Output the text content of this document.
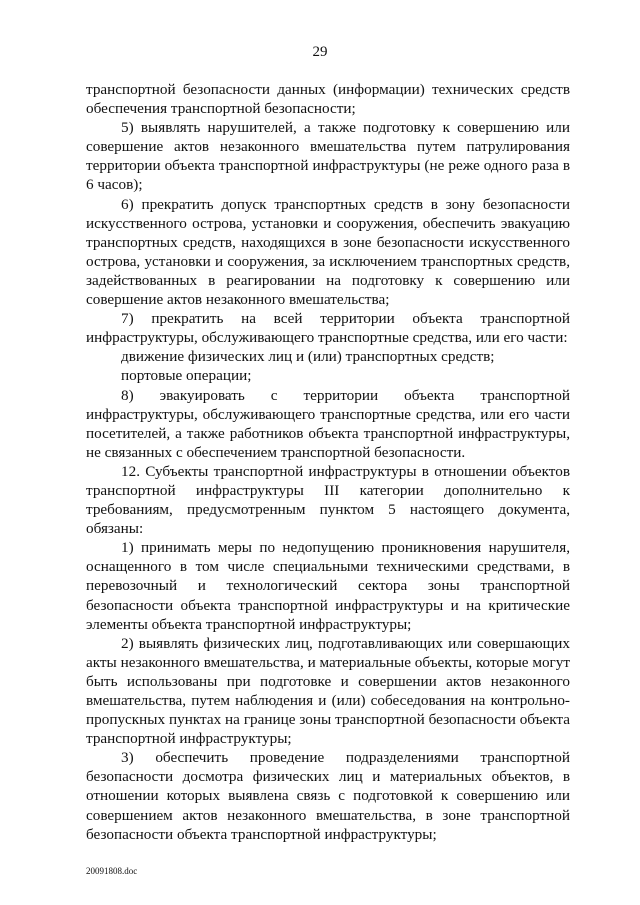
29

транспортной безопасности данных (информации) технических средств обеспечения транспортной безопасности;

5) выявлять нарушителей, а также подготовку к совершению или совершение актов незаконного вмешательства путем патрулирования территории объекта транспортной инфраструктуры (не реже одного раза в 6 часов);

6) прекратить допуск транспортных средств в зону безопасности искусственного острова, установки и сооружения, обеспечить эвакуацию транспортных средств, находящихся в зоне безопасности искусственного острова, установки и сооружения, за исключением транспортных средств, задействованных в реагировании на подготовку к совершению или совершение актов незаконного вмешательства;

7) прекратить на всей территории объекта транспортной инфраструктуры, обслуживающего транспортные средства, или его части:

движение физических лиц и (или) транспортных средств;

портовые операции;

8) эвакуировать с территории объекта транспортной инфраструктуры, обслуживающего транспортные средства, или его части посетителей, а также работников объекта транспортной инфраструктуры, не связанных с обеспечением транспортной безопасности.

12. Субъекты транспортной инфраструктуры в отношении объектов транспортной инфраструктуры III категории дополнительно к требованиям, предусмотренным пунктом 5 настоящего документа, обязаны:

1) принимать меры по недопущению проникновения нарушителя, оснащенного в том числе специальными техническими средствами, в перевозочный и технологический сектора зоны транспортной безопасности объекта транспортной инфраструктуры и на критические элементы объекта транспортной инфраструктуры;

2) выявлять физических лиц, подготавливающих или совершающих акты незаконного вмешательства, и материальные объекты, которые могут быть использованы при подготовке и совершении актов незаконного вмешательства, путем наблюдения и (или) собеседования на контрольно-пропускных пунктах на границе зоны транспортной безопасности объекта транспортной инфраструктуры;

3) обеспечить проведение подразделениями транспортной безопасности досмотра физических лиц и материальных объектов, в отношении которых выявлена связь с подготовкой к совершению или совершением актов незаконного вмешательства, в зоне транспортной безопасности объекта транспортной инфраструктуры;

20091808.doc
